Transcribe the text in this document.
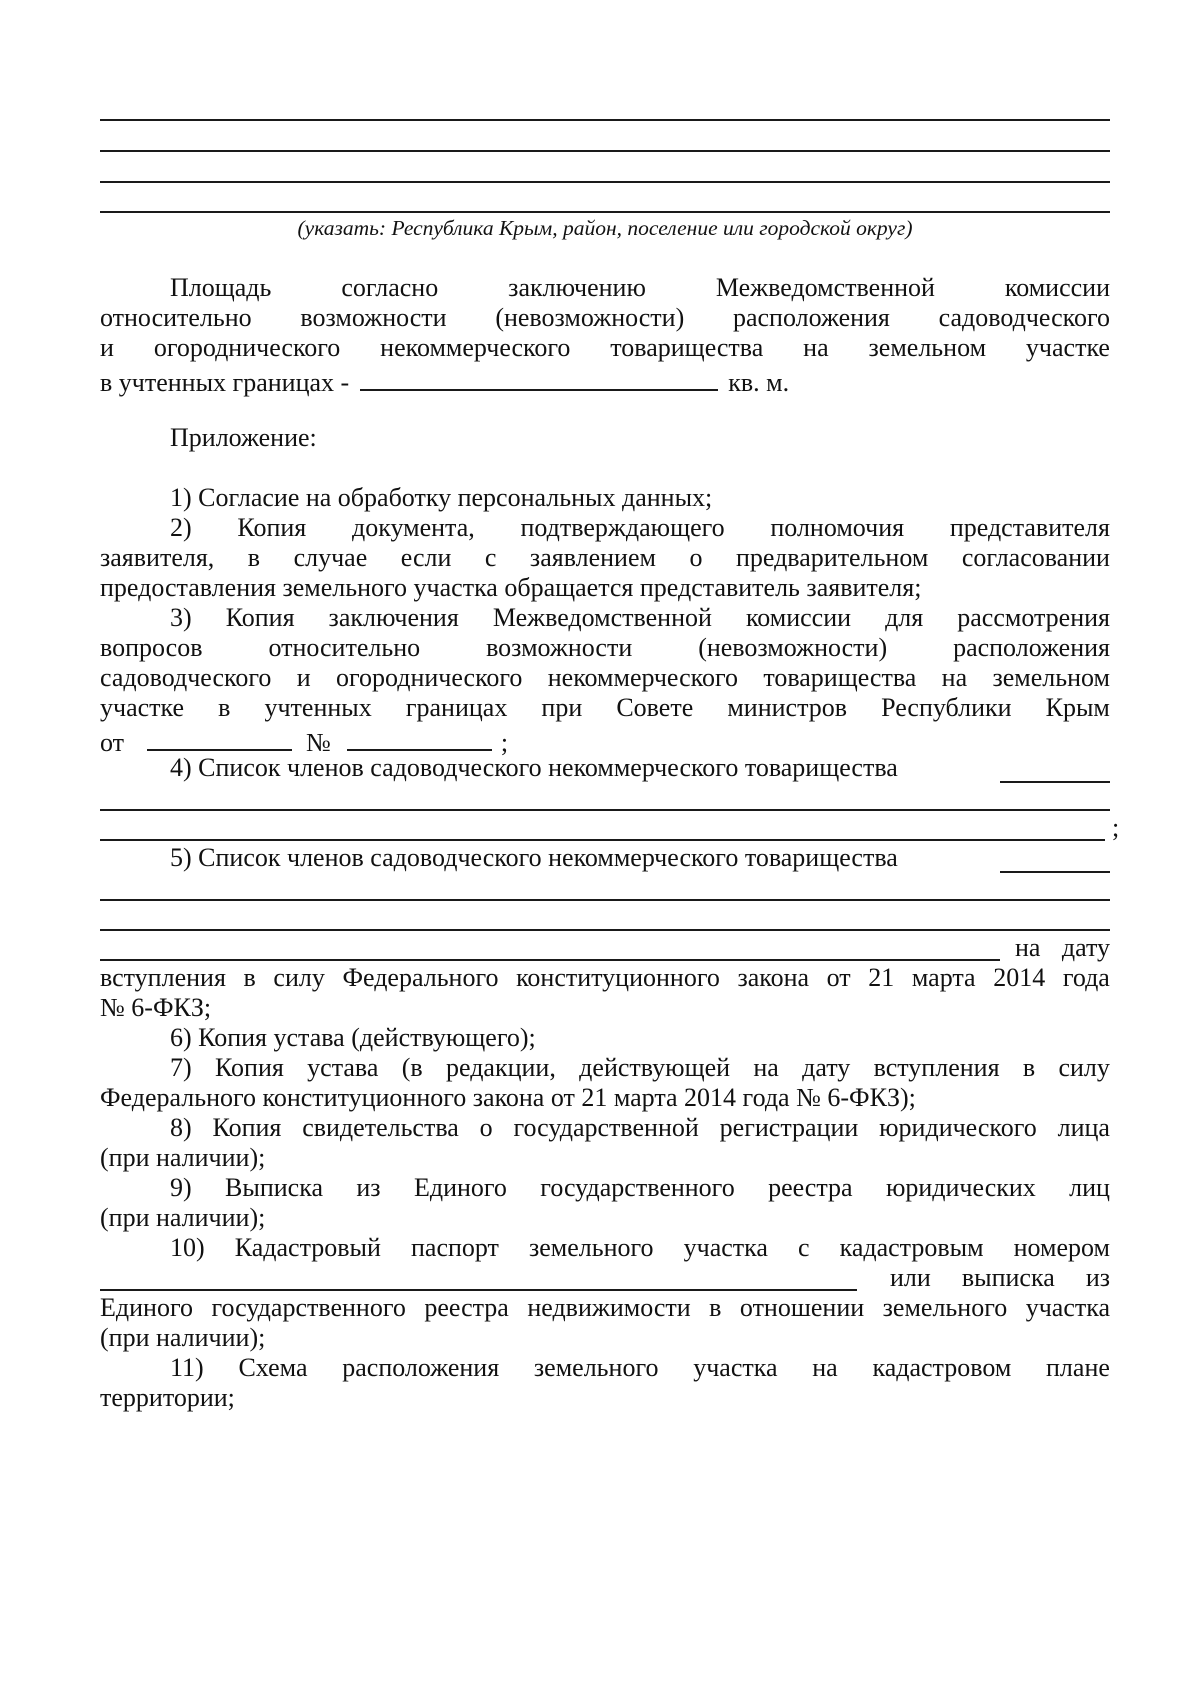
(указать: Республика Крым, район, поселение или городской округ)
Площадь	согласно	заключению	Межведомственной	комиссии
относительно возможности (невозможности) расположения садоводческого
и огороднического некоммерческого товарищества на земельном участке
в учтенных границах -	кв. м.
Приложение:
1) Согласие на обработку персональных данных;
2) Копия документа, подтверждающего полномочия представителя
заявителя, в случае если с заявлением о предварительном согласовании
предоставления земельного участка обращается представитель заявителя;
3) Копия заключения Межведомственной комиссии для рассмотрения
вопросов	относительно	возможности	(невозможности)	расположения
садоводческого и огороднического некоммерческого товарищества на земельном
участке в учтенных границах при Совете министров Республики Крым
от	№	;
4) Список членов садоводческого некоммерческого товарищества
;
5) Список членов садоводческого некоммерческого товарищества
на дату
вступления в силу Федерального конституционного закона от 21 марта 2014 года
№ 6-ФКЗ;
6) Копия устава (действующего);
7) Копия устава (в редакции, действующей на дату вступления в силу
Федерального конституционного закона от 21 марта 2014 года № 6-ФКЗ);
8) Копия свидетельства о государственной регистрации юридического лица
(при наличии);
9) Выписка из Единого государственного реестра юридических лиц
(при наличии);
10) Кадастровый паспорт земельного участка с кадастровым номером
или выписка из
Единого государственного реестра недвижимости в отношении земельного участка
(при наличии);
11) Схема расположения земельного участка на кадастровом плане
территории;
